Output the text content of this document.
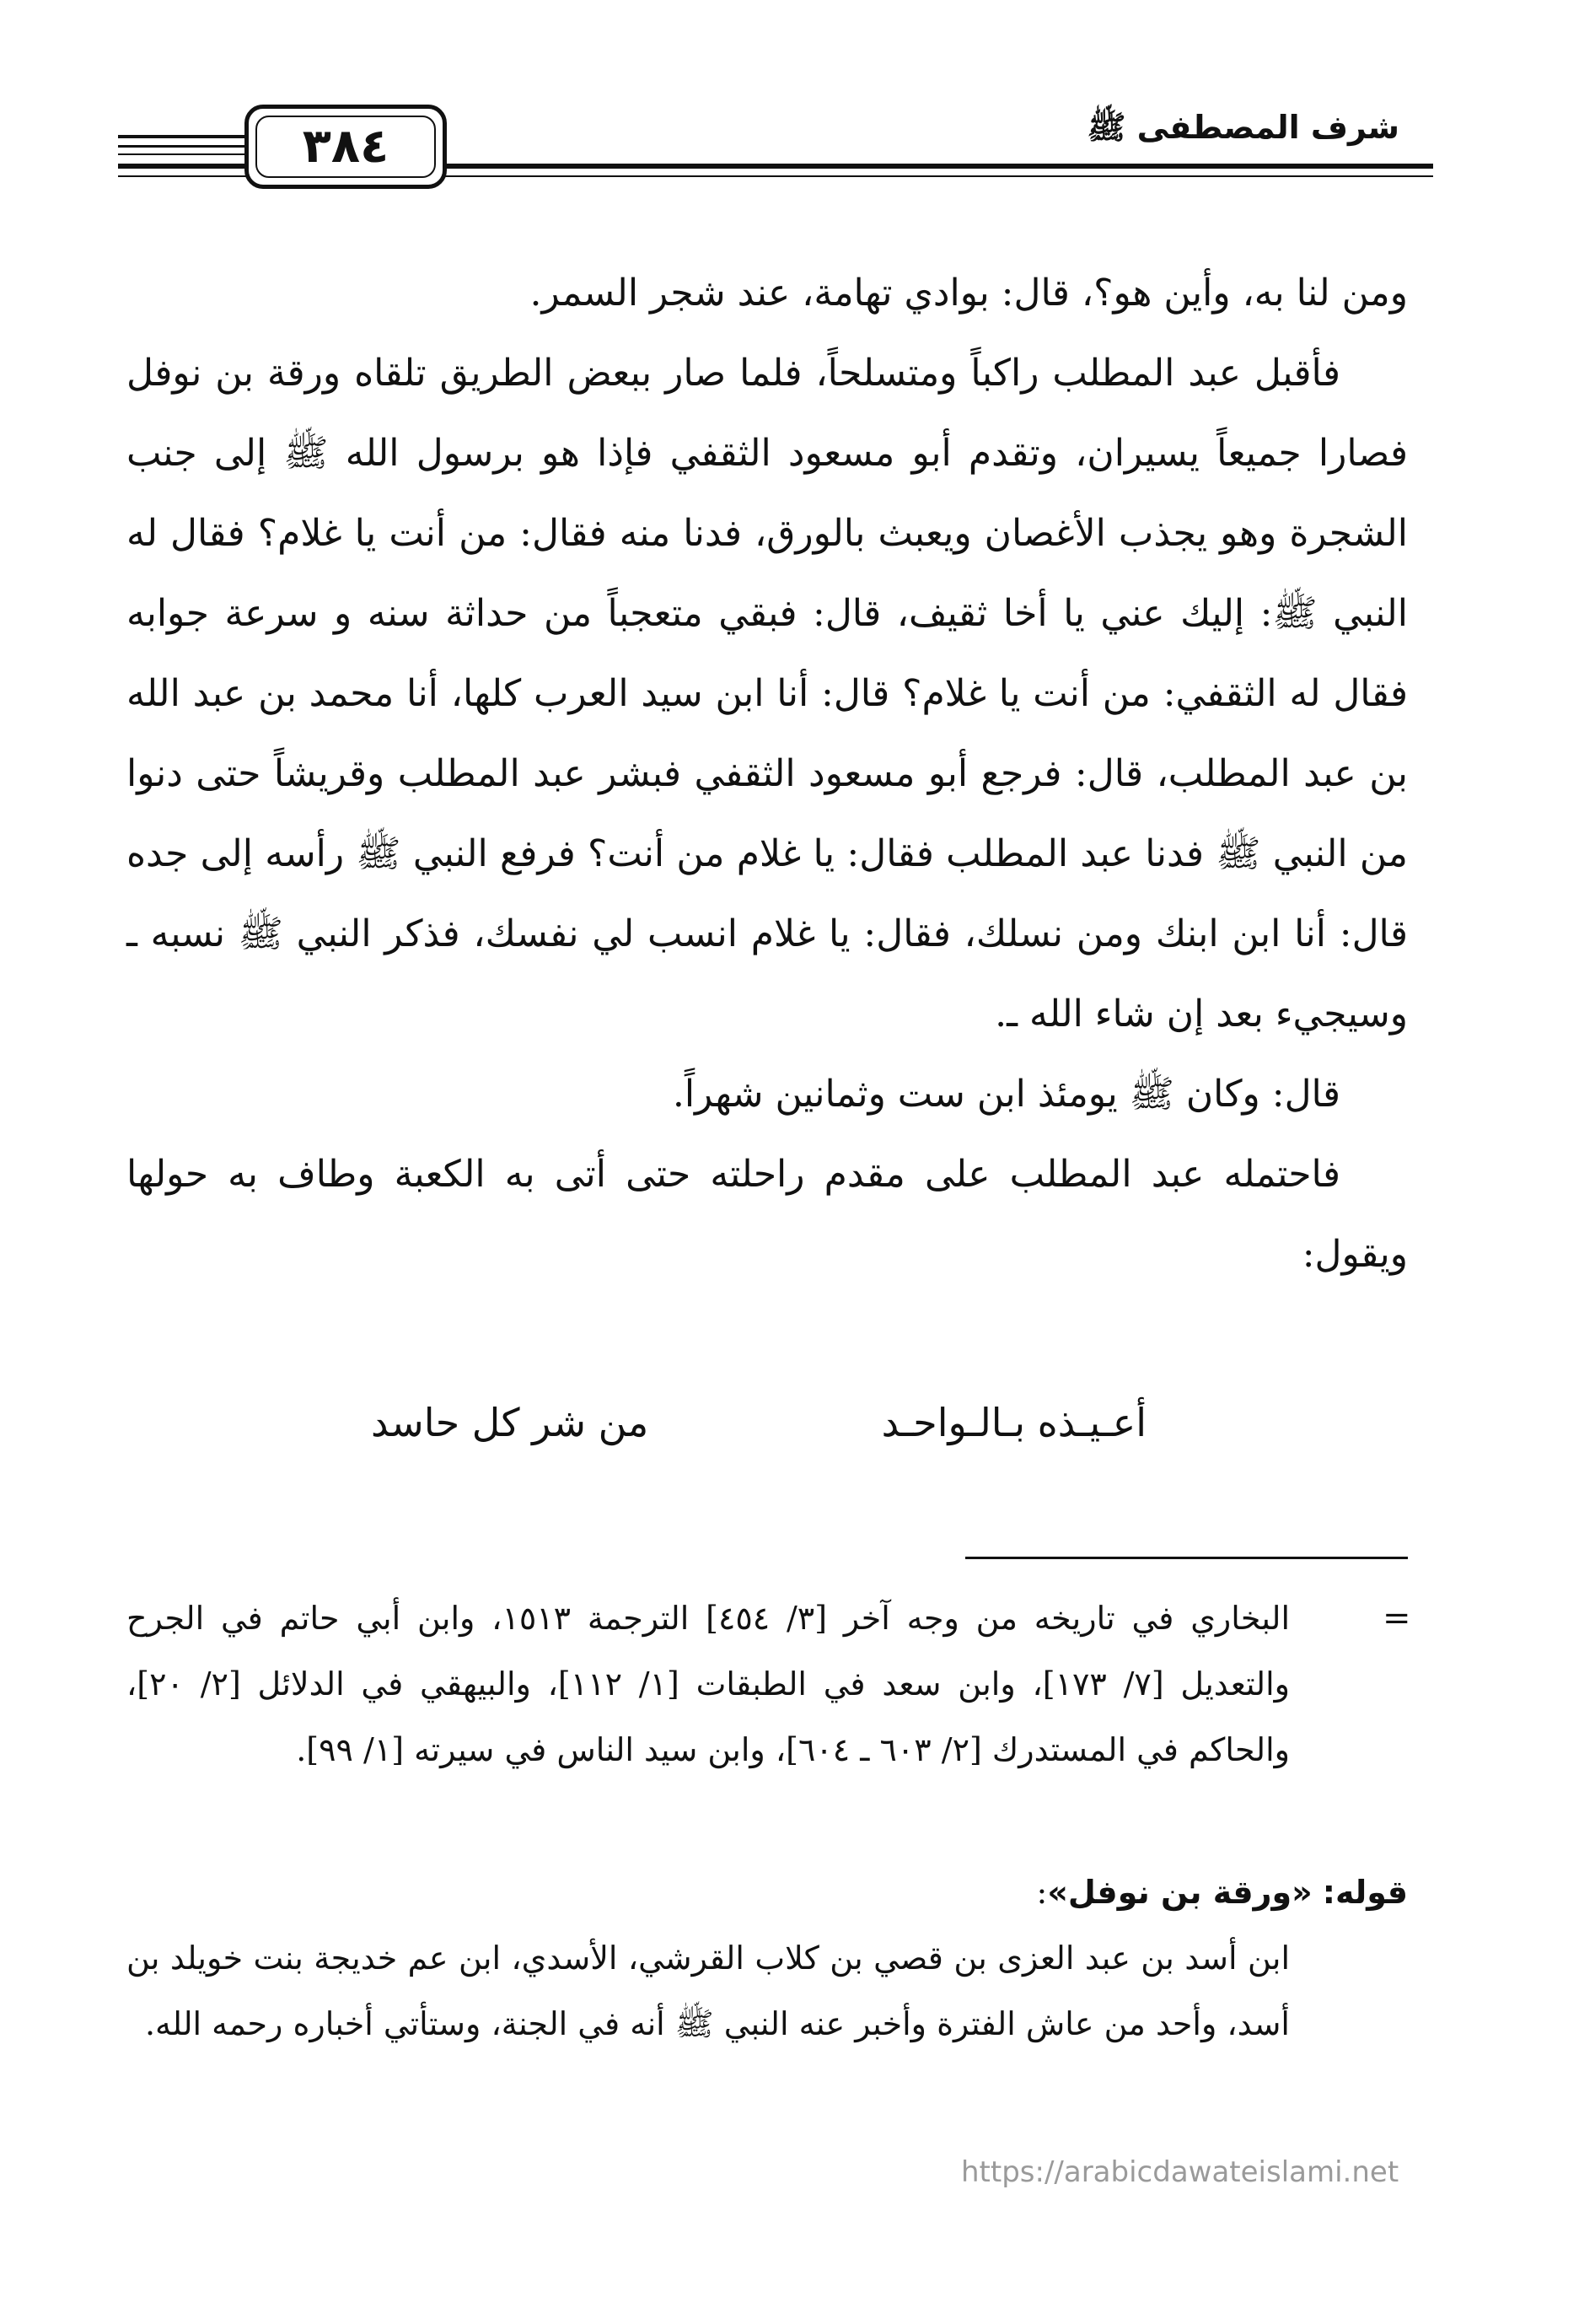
٣٨٤	شرف المصطفى ﷺ

ومن لنا به، وأين هو؟، قال: بوادي تهامة، عند شجر السمر.

فأقبل عبد المطلب راكباً ومتسلحاً، فلما صار ببعض الطريق تلقاه ورقة بن نوفل فصارا جميعاً يسيران، وتقدم أبو مسعود الثقفي فإذا هو برسول الله ﷺ إلى جنب الشجرة وهو يجذب الأغصان ويعبث بالورق، فدنا منه فقال: من أنت يا غلام؟ فقال له النبي ﷺ: إليك عني يا أخا ثقيف، قال: فبقي متعجباً من حداثة سنه و سرعة جوابه فقال له الثقفي: من أنت يا غلام؟ قال: أنا ابن سيد العرب كلها، أنا محمد بن عبد الله بن عبد المطلب، قال: فرجع أبو مسعود الثقفي فبشر عبد المطلب وقريشاً حتى دنوا من النبي ﷺ فدنا عبد المطلب فقال: يا غلام من أنت؟ فرفع النبي ﷺ رأسه إلى جده قال: أنا ابن ابنك ومن نسلك، فقال: يا غلام انسب لي نفسك، فذكر النبي ﷺ نسبه ـ وسيجيء بعد إن شاء الله ـ.

قال: وكان ﷺ يومئذ ابن ست وثمانين شهراً.

فاحتمله عبد المطلب على مقدم راحلته حتى أتى به الكعبة وطاف به حولها ويقول:

أعـيـذه بـالـواحـد
من شر كل حاسد
=

البخاري في تاريخه من وجه آخر [٣/ ٤٥٤] الترجمة ١٥١٣، وابن أبي حاتم في الجرح والتعديل [٧/ ١٧٣]، وابن سعد في الطبقات [١/ ١١٢]، والبيهقي في الدلائل [٢/ ٢٠]، والحاكم في المستدرك [٢/ ٦٠٣ ـ ٦٠٤]، وابن سيد الناس في سيرته [١/ ٩٩].

قوله: «ورقة بن نوفل»:

ابن أسد بن عبد العزى بن قصي بن كلاب القرشي، الأسدي، ابن عم خديجة بنت خويلد بن أسد، وأحد من عاش الفترة وأخبر عنه النبي ﷺ أنه في الجنة، وستأتي أخباره رحمه الله.

https://arabicdawateislami.net
